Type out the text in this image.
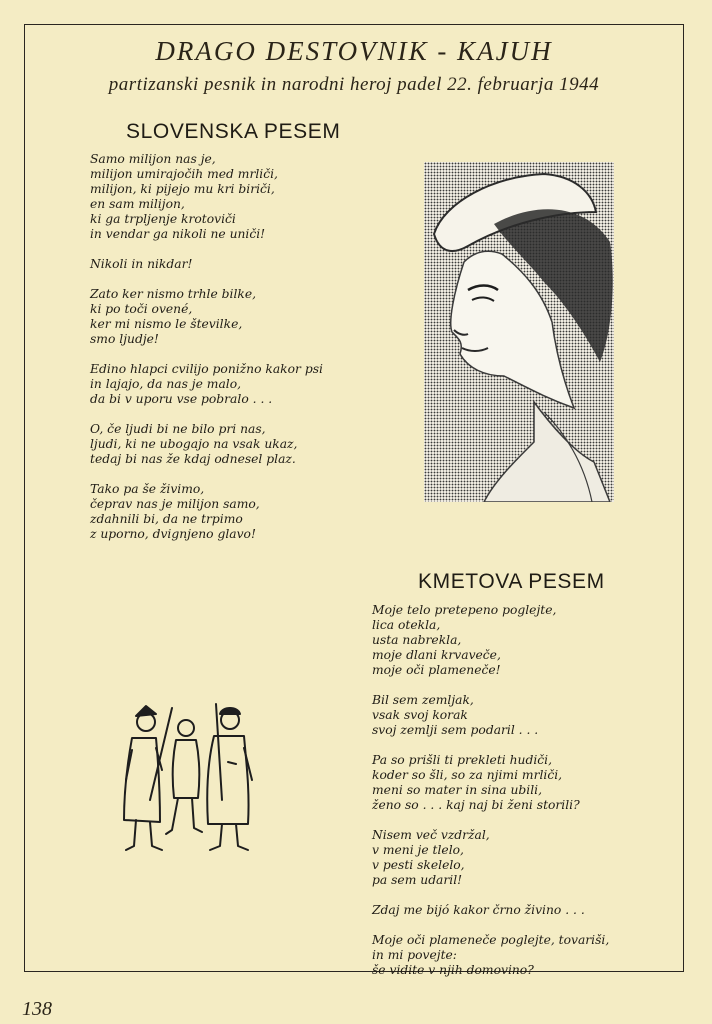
DRAGO DESTOVNIK - KAJUH
partizanski pesnik in narodni heroj padel 22. februarja 1944
SLOVENSKA PESEM
Samo milijon nas je,
milijon umirajočih med mrliči,
milijon, ki pijejo mu kri biriči,
en sam milijon,
ki ga trpljenje krotoviči
in vendar ga nikoli ne uniči!
Nikoli in nikdar!
Zato ker nismo trhle bilke,
ki po toči ovené,
ker mi nismo le številke,
smo ljudje!
Edino hlapci cvilijo ponižno kakor psi
in lajajo, da nas je malo,
da bi v uporu vse pobralo . . .
O, če ljudi bi ne bilo pri nas,
ljudi, ki ne ubogajo na vsak ukaz,
tedaj bi nas že kdaj odnesel plaz.
Tako pa še živimo,
čeprav nas je milijon samo,
zdahnili bi, da ne trpimo
z uporno, dvignjeno glavo!
KMETOVA PESEM
Moje telo pretepeno poglejte,
lica otekla,
usta nabrekla,
moje dlani krvaveče,
moje oči plameneče!
Bil sem zemljak,
vsak svoj korak
svoj zemlji sem podaril . . .
Pa so prišli ti prekleti hudiči,
koder so šli, so za njimi mrliči,
meni so mater in sina ubili,
ženo so . . . kaj naj bi ženi storili?
Nisem več vzdržal,
v meni je tlelo,
v pesti skelelo,
pa sem udaril!
Zdaj me bijó kakor črno živino . . .
Moje oči plameneče poglejte, tovariši,
in mi povejte:
še vidite v njih domovino?
138
